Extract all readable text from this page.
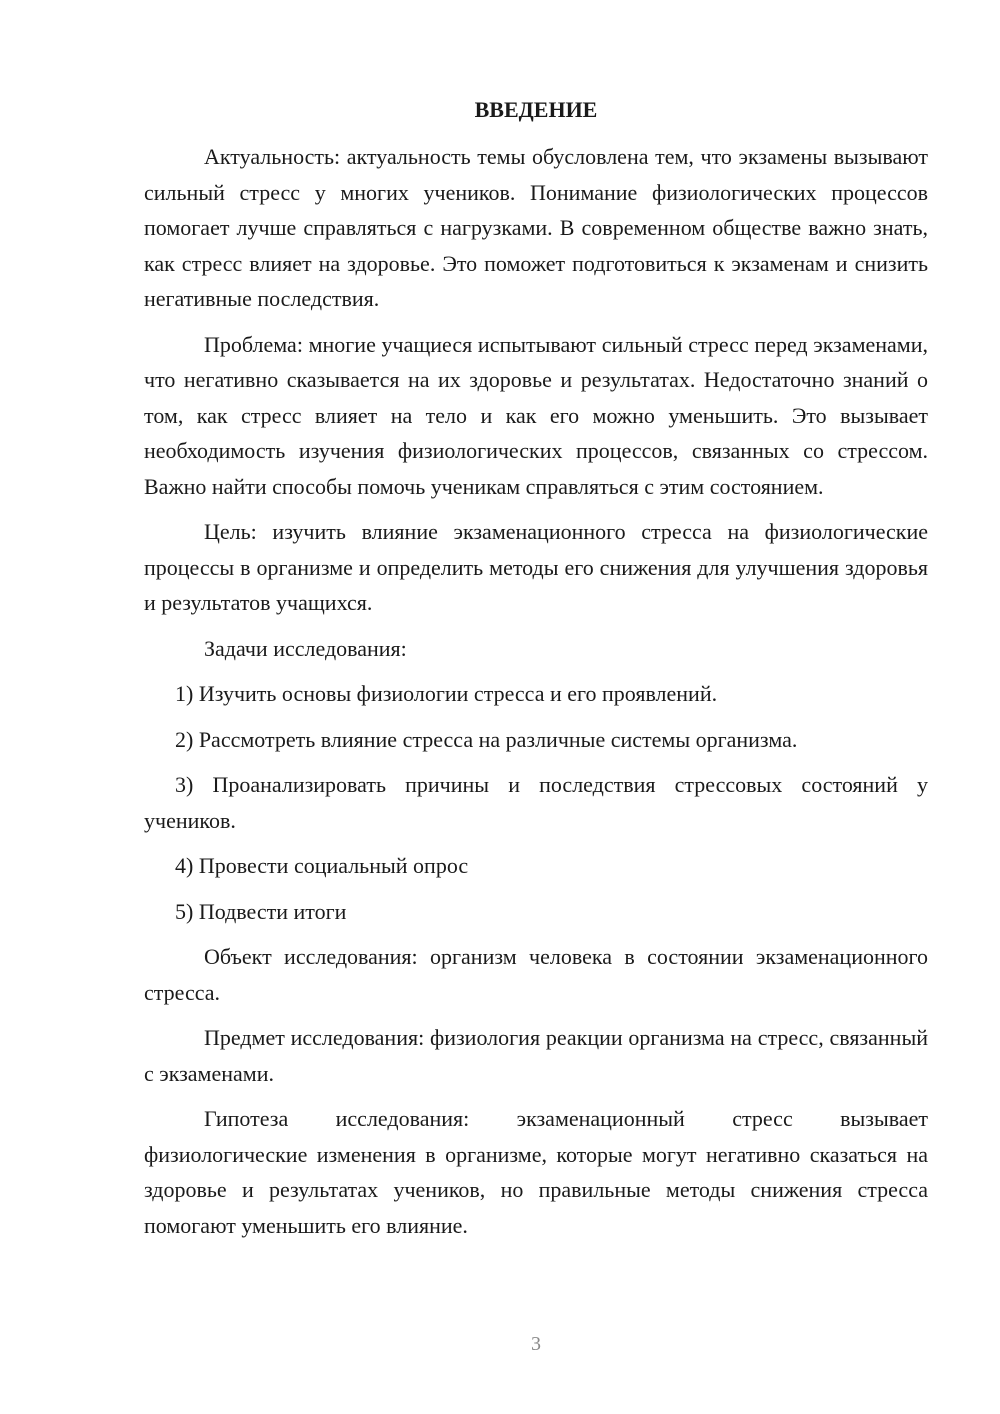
ВВЕДЕНИЕ

Актуальность: актуальность темы обусловлена тем, что экзамены вызывают сильный стресс у многих учеников. Понимание физиологических процессов помогает лучше справляться с нагрузками. В современном обществе важно знать, как стресс влияет на здоровье. Это поможет подготовиться к экзаменам и снизить негативные последствия.

Проблема: многие учащиеся испытывают сильный стресс перед экзаменами, что негативно сказывается на их здоровье и результатах. Недостаточно знаний о том, как стресс влияет на тело и как его можно уменьшить. Это вызывает необходимость изучения физиологических процессов, связанных со стрессом. Важно найти способы помочь ученикам справляться с этим состоянием.

Цель: изучить влияние экзаменационного стресса на физиологические процессы в организме и определить методы его снижения для улучшения здоровья и результатов учащихся.

Задачи исследования:

1) Изучить основы физиологии стресса и его проявлений.

2) Рассмотреть влияние стресса на различные системы организма.

3) Проанализировать причины и последствия стрессовых состояний у учеников.

4) Провести социальный опрос

5) Подвести итоги

Объект исследования: организм человека в состоянии экзаменационного стресса.

Предмет исследования: физиология реакции организма на стресс, связанный с экзаменами.

Гипотеза исследования: экзаменационный стресс вызывает физиологические изменения в организме, которые могут негативно сказаться на здоровье и результатах учеников, но правильные методы снижения стресса помогают уменьшить его влияние.

3
